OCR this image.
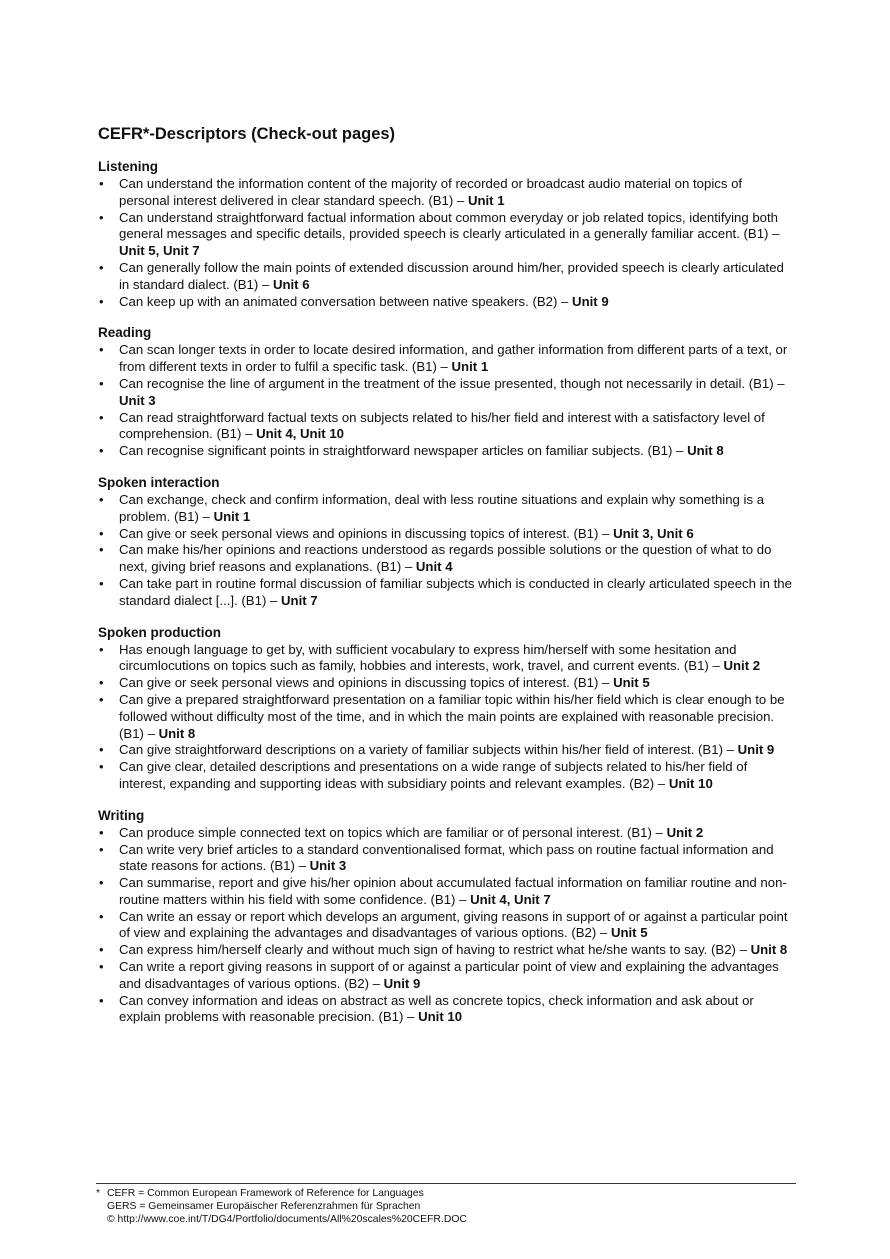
CEFR*-Descriptors (Check-out pages)
Listening
• Can understand the information content of the majority of recorded or broadcast audio material on topics of personal interest delivered in clear standard speech. (B1) – Unit 1
• Can understand straightforward factual information about common everyday or job related topics, identifying both general messages and specific details, provided speech is clearly articulated in a generally familiar accent. (B1) – Unit 5, Unit 7
• Can generally follow the main points of extended discussion around him/her, provided speech is clearly articulated in standard dialect. (B1) – Unit 6
• Can keep up with an animated conversation between native speakers. (B2) – Unit 9
Reading
• Can scan longer texts in order to locate desired information, and gather information from different parts of a text, or from different texts in order to fulfil a specific task. (B1) – Unit 1
• Can recognise the line of argument in the treatment of the issue presented, though not necessarily in detail. (B1) – Unit 3
• Can read straightforward factual texts on subjects related to his/her field and interest with a satisfactory level of comprehension. (B1) – Unit 4, Unit 10
• Can recognise significant points in straightforward newspaper articles on familiar subjects. (B1) – Unit 8
Spoken interaction
• Can exchange, check and confirm information, deal with less routine situations and explain why something is a problem. (B1) – Unit 1
• Can give or seek personal views and opinions in discussing topics of interest. (B1) – Unit 3, Unit 6
• Can make his/her opinions and reactions understood as regards possible solutions or the question of what to do next, giving brief reasons and explanations. (B1) – Unit 4
• Can take part in routine formal discussion of familiar subjects which is conducted in clearly articulated speech in the standard dialect [...]. (B1) – Unit 7
Spoken production
• Has enough language to get by, with sufficient vocabulary to express him/herself with some hesitation and circumlocutions on topics such as family, hobbies and interests, work, travel, and current events. (B1) – Unit 2
• Can give or seek personal views and opinions in discussing topics of interest. (B1) – Unit 5
• Can give a prepared straightforward presentation on a familiar topic within his/her field which is clear enough to be followed without difficulty most of the time, and in which the main points are explained with reasonable precision. (B1) – Unit 8
• Can give straightforward descriptions on a variety of familiar subjects within his/her field of interest. (B1) – Unit 9
• Can give clear, detailed descriptions and presentations on a wide range of subjects related to his/her field of interest, expanding and supporting ideas with subsidiary points and relevant examples. (B2) – Unit 10
Writing
• Can produce simple connected text on topics which are familiar or of personal interest. (B1) – Unit 2
• Can write very brief articles to a standard conventionalised format, which pass on routine factual information and state reasons for actions. (B1) – Unit 3
• Can summarise, report and give his/her opinion about accumulated factual information on familiar routine and non-routine matters within his field with some confidence. (B1) – Unit 4, Unit 7
• Can write an essay or report which develops an argument, giving reasons in support of or against a particular point of view and explaining the advantages and disadvantages of various options. (B2) – Unit 5
• Can express him/herself clearly and without much sign of having to restrict what he/she wants to say. (B2) – Unit 8
• Can write a report giving reasons in support of or against a particular point of view and explaining the advantages and disadvantages of various options. (B2) – Unit 9
• Can convey information and ideas on abstract as well as concrete topics, check information and ask about or explain problems with reasonable precision. (B1) – Unit 10
* CEFR = Common European Framework of Reference for Languages
GERS = Gemeinsamer Europäischer Referenzrahmen für Sprachen
© http://www.coe.int/T/DG4/Portfolio/documents/All%20scales%20CEFR.DOC
